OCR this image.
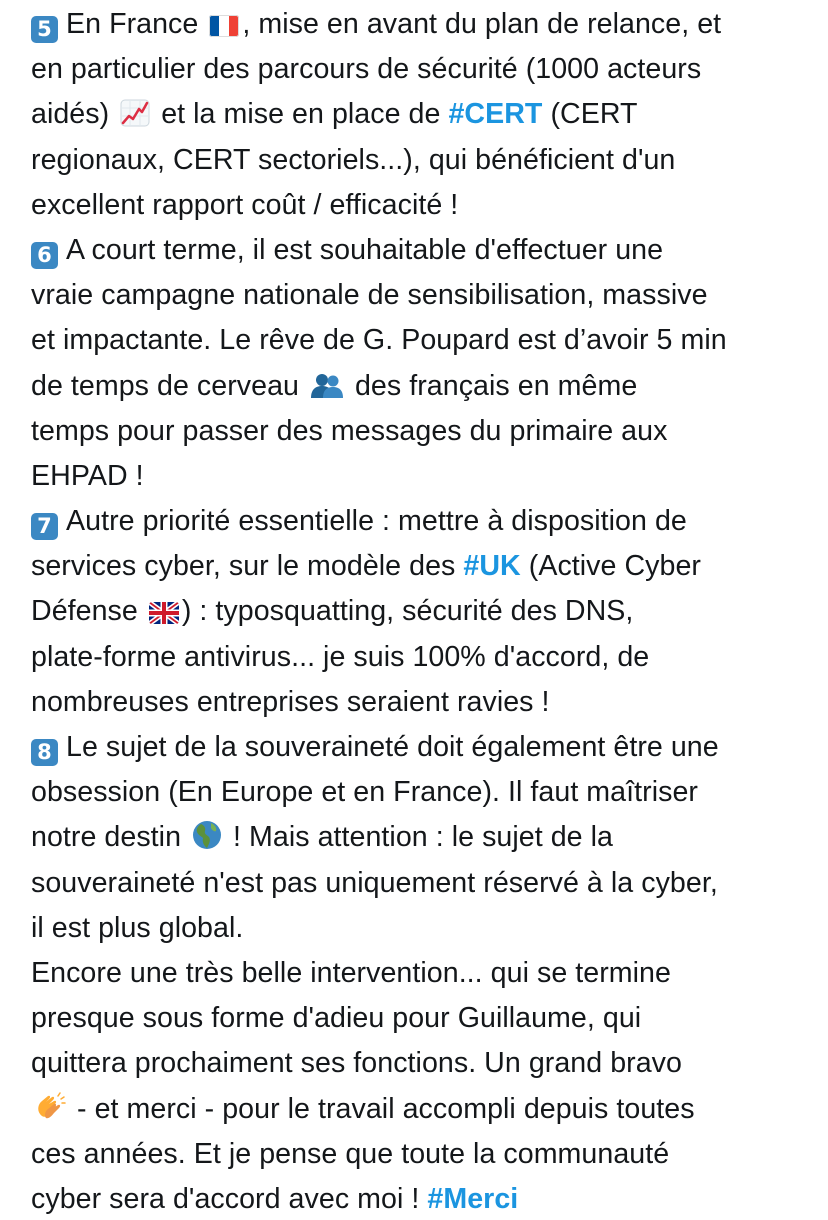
5 En France , mise en avant du plan de relance, et
en particulier des parcours de sécurité (1000 acteurs
aidés) et la mise en place de #CERT (CERT
regionaux, CERT sectoriels...), qui bénéficient d'un
excellent rapport coût / efficacité !
6 A court terme, il est souhaitable d'effectuer une
vraie campagne nationale de sensibilisation, massive
et impactante. Le rêve de G. Poupard est d’avoir 5 min
de temps de cerveau des français en même
temps pour passer des messages du primaire aux
EHPAD !
7 Autre priorité essentielle : mettre à disposition de
services cyber, sur le modèle des #UK (Active Cyber
Défense ) : typosquatting, sécurité des DNS,
plate-forme antivirus... je suis 100% d'accord, de
nombreuses entreprises seraient ravies !
8 Le sujet de la souveraineté doit également être une
obsession (En Europe et en France). Il faut maîtriser
notre destin ! Mais attention : le sujet de la
souveraineté n'est pas uniquement réservé à la cyber,
il est plus global.
Encore une très belle intervention... qui se termine
presque sous forme d'adieu pour Guillaume, qui
quittera prochaiment ses fonctions. Un grand bravo
- et merci - pour le travail accompli depuis toutes
ces années. Et je pense que toute la communauté
cyber sera d'accord avec moi ! #Merci
